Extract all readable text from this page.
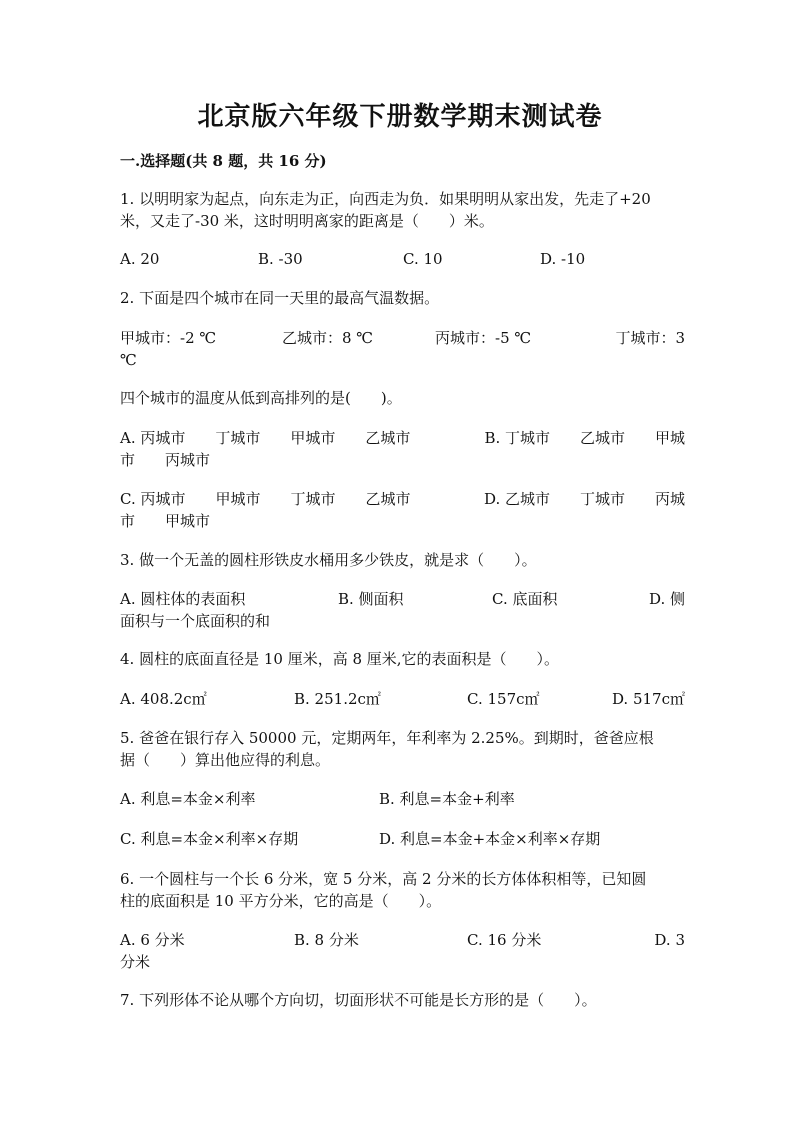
北京版六年级下册数学期末测试卷
一.选择题(共 8 题，共 16 分)
1. 以明明家为起点，向东走为正，向西走为负．如果明明从家出发，先走了+20
米，又走了-30 米，这时明明离家的距离是（　　）米。
A. 20	B. -30	C. 10	D. -10
2. 下面是四个城市在同一天里的最高气温数据。
甲城市：-2 ℃	乙城市：8 ℃	丙城市：-5 ℃	丁城市：3
℃
四个城市的温度从低到高排列的是(　　)。
A. 丙城市　　丁城市　　甲城市　　乙城市	B. 丁城市　　乙城市　　甲城
市　　丙城市
C. 丙城市　　甲城市　　丁城市　　乙城市	D. 乙城市　　丁城市　　丙城
市　　甲城市
3. 做一个无盖的圆柱形铁皮水桶用多少铁皮，就是求（　　）。
A. 圆柱体的表面积	B. 侧面积	C. 底面积	D. 侧
面积与一个底面积的和
4. 圆柱的底面直径是 10 厘米，高 8 厘米,它的表面积是（　　）。
A. 408.2c㎡	B. 251.2c㎡	C. 157c㎡	D. 517c㎡
5. 爸爸在银行存入 50000 元，定期两年，年利率为 2.25%。到期时，爸爸应根
据（　　）算出他应得的利息。
A. 利息=本金×利率	B. 利息=本金+利率
C. 利息=本金×利率×存期	D. 利息=本金+本金×利率×存期
6. 一个圆柱与一个长 6 分米，宽 5 分米，高 2 分米的长方体体积相等，已知圆
柱的底面积是 10 平方分米，它的高是（　　）。
A. 6 分米	B. 8 分米	C. 16 分米	D. 3
分米
7. 下列形体不论从哪个方向切，切面形状不可能是长方形的是（　　）。
